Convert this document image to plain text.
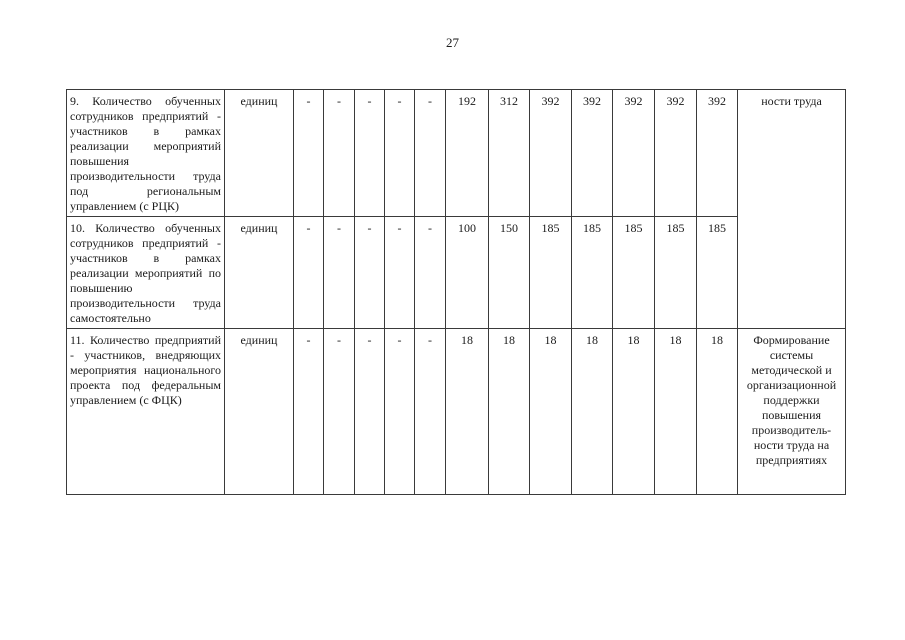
27
9. Количество обученных сотрудников предприятий - участников в рамках реализации мероприятий повышения производительности труда под региональным управлением (с РЦК)	единиц	-	-	-	-	-	192	312	392	392	392	392	392	ности труда

10. Количество обученных сотрудников предприятий - участников в рамках реализации мероприятий по повышению производительности труда самостоятельно	единиц	-	-	-	-	-	100	150	185	185	185	185	185	

11. Количество предприятий - участников, внедряющих мероприятия национального проекта под федеральным управлением (с ФЦК)	единиц	-	-	-	-	-	18	18	18	18	18	18	18	Формирование системы методической и организационной поддержки повышения производитель-ности труда на предприятиях
